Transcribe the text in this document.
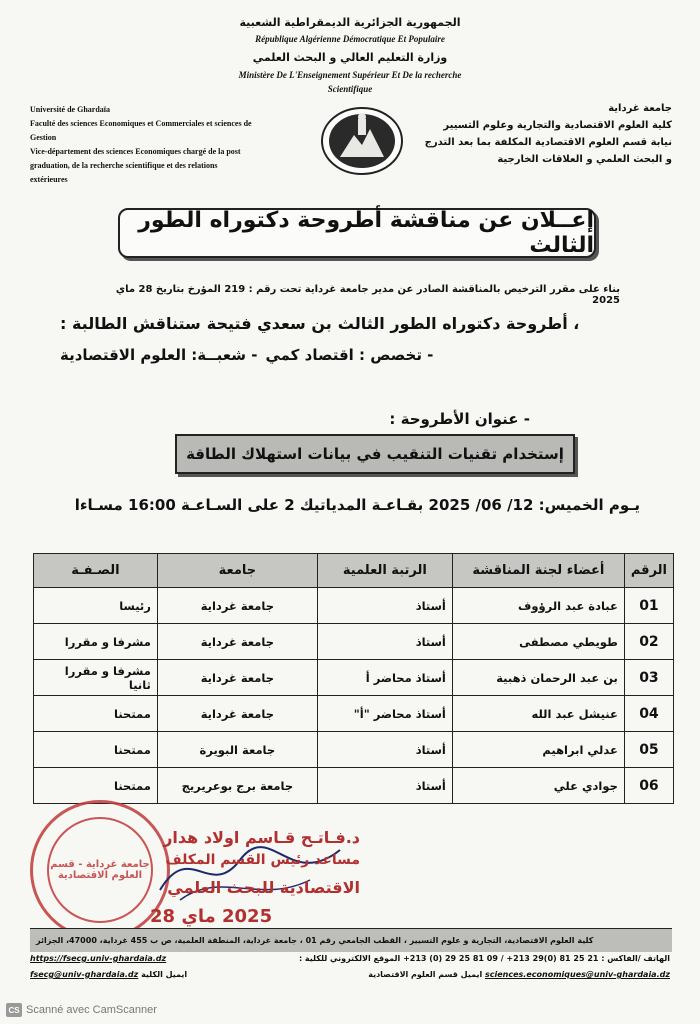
الجمهورية الجزائرية الديمقراطية الشعبية
République Algérienne Démocratique Et Populaire
وزارة التعليم العالي و البحث العلمي
Ministère De L'Enseignement Supérieur Et De la recherche
Scientifique
Université de Ghardaïa
Faculté des sciences Economiques et Commerciales et sciences de
Gestion
Vice-département des sciences Economiques chargé de la post
graduation, de la recherche scientifique et des relations
extérieures
جامعة غرداية
كلية العلوم الاقتصادية والتجارية وعلوم التسيير
نيابة قسم العلوم الاقتصادية المكلفة بما بعد التدرج
و البحث العلمي و العلاقات الخارجية
إعــلان عن مناقشة أطروحة دكتوراه الطور الثالث
بناء على مقرر الترخيص بالمناقشة الصادر عن مدير جامعة غرداية تحت رقم : 219 المؤرخ بتاريخ 28 ماي 2025
ستناقش الطالبة : بن سعدي فتيحة ، أطروحة دكتوراه الطور الثالث
- شعبــة: العلوم الاقتصادية - تخصص : اقتصاد كمي
- عنوان الأطروحة :
إستخدام تقنيات التنقيب في بيانات استهلاك الطاقة
يـوم الخميس: 12/ 06/ 2025 بقـاعـة المدياتيك 2 على السـاعـة 16:00 مسـاءا
الرقم	أعضاء لجنة المناقشة	الرتبة العلمية	جامعة	الصـفـة
01	عبادة عبد الرؤوف	أستاذ	جامعة غرداية	رئيسا
02	طويطي مصطفى	أستاذ	جامعة غرداية	مشرفا و مقررا
03	بن عبد الرحمان ذهبية	أستاذ محاضر أ	جامعة غرداية	مشرفا و مقررا ثانيا
04	عنيشل عبد الله	أستاذ محاضر "أ"	جامعة غرداية	ممتحنا
05	عدلي ابراهيم	أستاذ	جامعة البويرة	ممتحنا
06	جوادي علي	أستاذ	جامعة برج بوعريريج	ممتحنا
جامعة غرداية - قسم العلوم الاقتصادية
د.فـاتـح قـاسم اولاد هدار
مساعد رئيس القسم المكلف
الاقتصادية للبحث العلمي
2025 ماي 28
كلية العلوم الاقتصادية، التجارية و علوم التسيير ، القطب الجامعي رقم 01 ، جامعة غرداية، المنطقة العلمية، ص ب 455 غرداية، 47000، الجزائر
https://fsecg.univ-ghardaia.dz	الهاتف /الفاكس : 21 25 81 (0)29 213+ / 09 81 25 29 (0) 213+ الموقع الالكتروني للكلية :
fsecg@univ-ghardaia.dz ايميل الكلية	ايميل قسم العلوم الاقتصادية sciences.economiques@univ-ghardaia.dz
CS Scanné avec CamScanner
